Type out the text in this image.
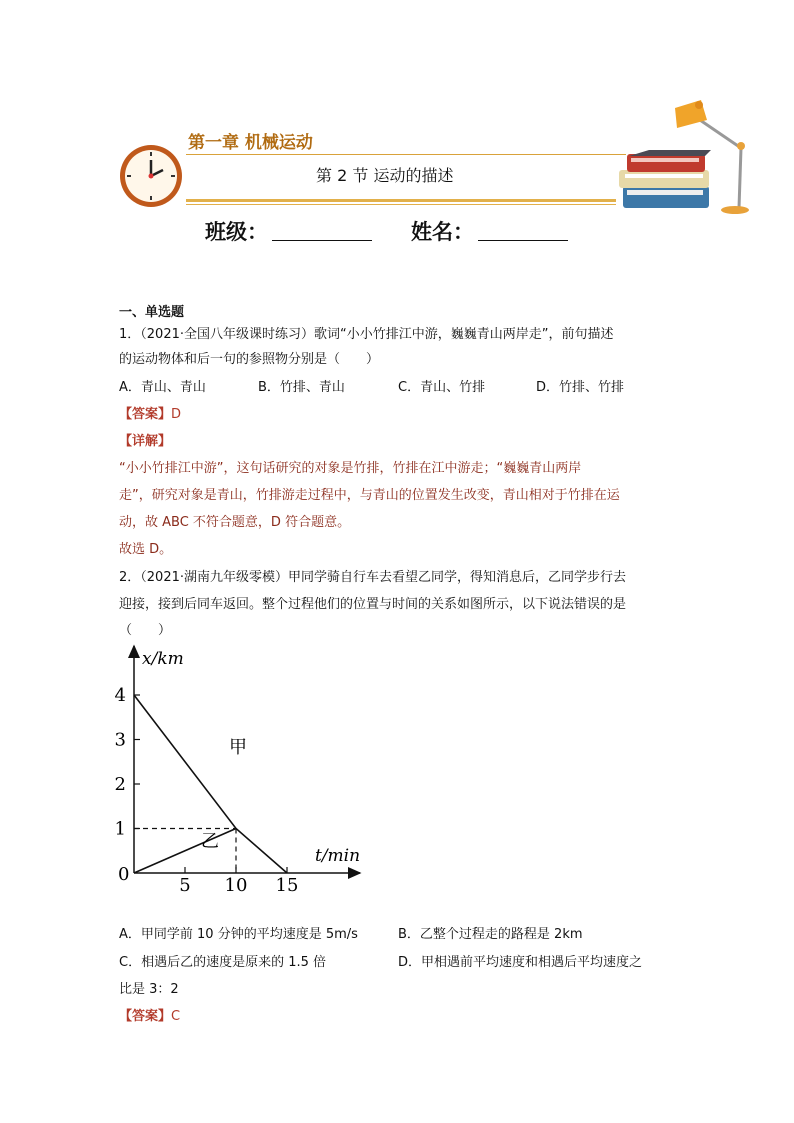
第一章 机械运动
第 2 节 运动的描述
班级：	姓名：
一、单选题
1．（2021·全国八年级课时练习）歌词“小小竹排江中游，巍巍青山两岸走”，前句描述
的运动物体和后一句的参照物分别是（　　）
A．青山、青山	B．竹排、青山	C．青山、竹排	D．竹排、竹排
【答案】D
【详解】
“小小竹排江中游”，这句话研究的对象是竹排，竹排在江中游走；“巍巍青山两岸
走”，研究对象是青山，竹排游走过程中，与青山的位置发生改变，青山相对于竹排在运
动，故 ABC 不符合题意，D 符合题意。
故选 D。
2．（2021·湖南九年级零模）甲同学骑自行车去看望乙同学，得知消息后，乙同学步行去
迎接，接到后同车返回。整个过程他们的位置与时间的关系如图所示，以下说法错误的是
（　　）
5 10 15
1
2
3
4
甲
乙
x/km
t/min
0
A．甲同学前 10 分钟的平均速度是 5m/s	B．乙整个过程走的路程是 2km
C．相遇后乙的速度是原来的 1.5 倍	D．甲相遇前平均速度和相遇后平均速度之
比是 3：2
【答案】C
